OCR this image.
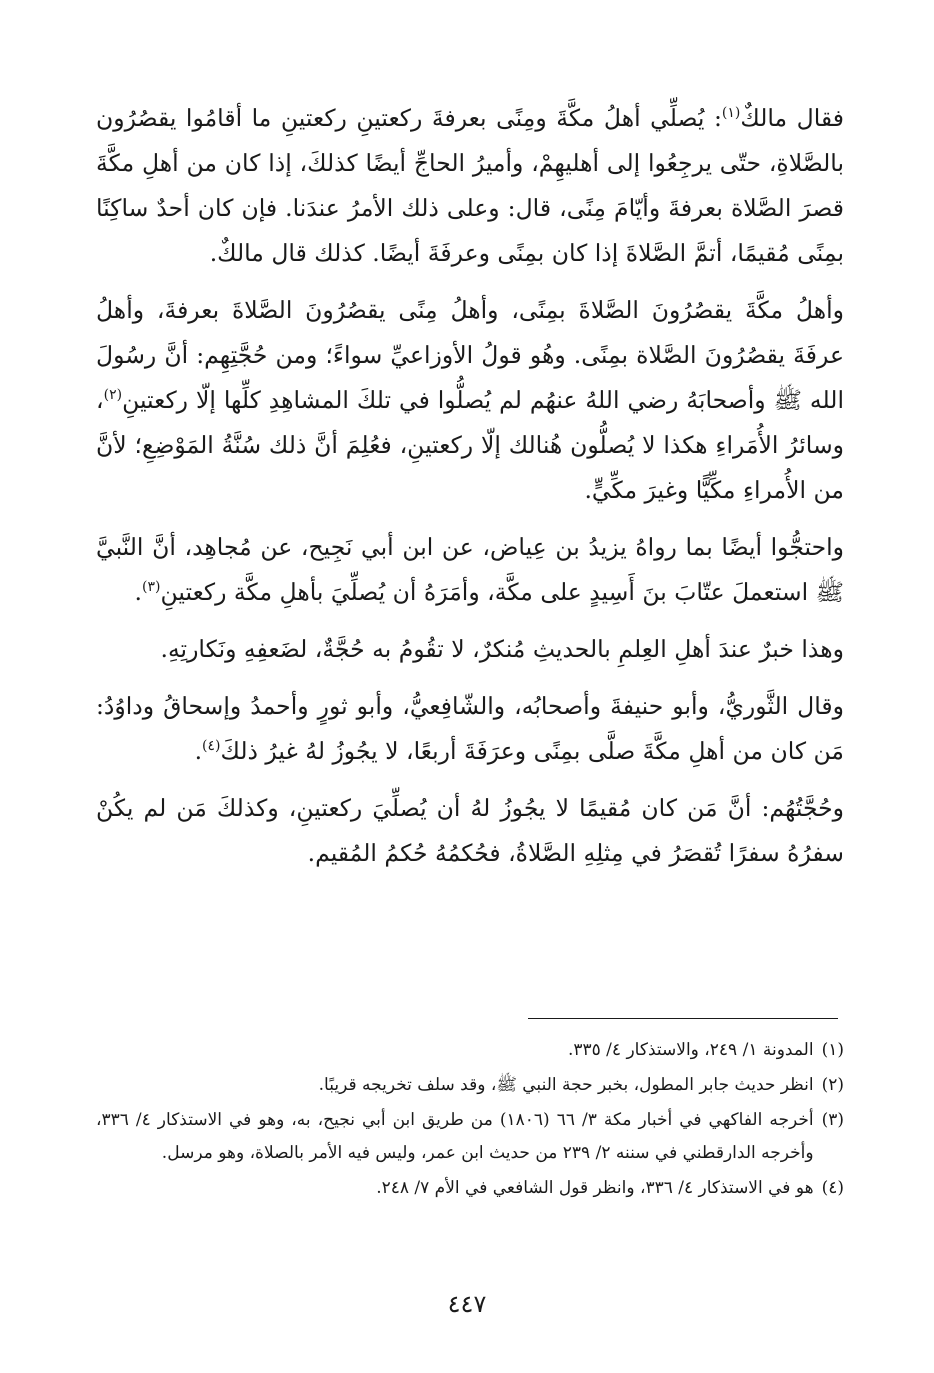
فقال مالكٌ$^{(١)}$: يُصلِّي أهلُ مكَّةَ ومِنًى بعرفةَ ركعتينِ ركعتينِ ما أقامُوا يقصُرُون بالصَّلاةِ، حتّى يرجِعُوا إلى أهليهِمْ، وأميرُ الحاجِّ أيضًا كذلكَ، إذا كان من أهلِ مكَّةَ قصرَ الصَّلاة بعرفةَ وأيّامَ مِنًى، قال: وعلى ذلك الأمرُ عندَنا. فإن كان أحدٌ ساكِنًا بمِنًى مُقيمًا، أتمَّ الصَّلاةَ إذا كان بمِنًى وعرفَةَ أيضًا. كذلك قال مالكٌ.

وأهلُ مكَّةَ يقصُرُونَ الصَّلاةَ بمِنًى، وأهلُ مِنًى يقصُرُونَ الصَّلاةَ بعرفةَ، وأهلُ عرفَةَ يقصُرُونَ الصَّلاة بمِنًى. وهُو قولُ الأوزاعيِّ سواءً؛ ومن حُجَّتِهِم: أنَّ رسُولَ الله ﷺ وأصحابَهُ رضي اللهُ عنهُم لم يُصلُّوا في تلكَ المشاهِدِ كلِّها إلّا ركعتينِ$^{(٢)}$، وسائرُ الأُمَراءِ هكذا لا يُصلُّون هُنالك إلّا ركعتينِ، فعُلِمَ أنَّ ذلك سُنَّةُ المَوْضِعِ؛ لأنَّ من الأُمراءِ مكِّيًّا وغيرَ مكِّيٍّ.

واحتجُّوا أيضًا بما رواهُ يزيدُ بن عِياض، عن ابن أبي نَجِيح، عن مُجاهِد، أنَّ النَّبيَّ ﷺ استعملَ عتّابَ بنَ أَسِيدٍ على مكَّة، وأمَرَهُ أن يُصلِّيَ بأهلِ مكَّة ركعتينِ$^{(٣)}$.

وهذا خبرٌ عندَ أهلِ العِلمِ بالحديثِ مُنكرٌ، لا تقُومُ به حُجَّةٌ، لضَعفِهِ ونَكارتِهِ.

وقال الثَّوريُّ، وأبو حنيفةَ وأصحابُه، والشّافِعيُّ، وأبو ثورٍ وأحمدُ وإسحاقُ وداوُدُ: مَن كان من أهلِ مكَّةَ صلَّى بمِنًى وعرَفَةَ أربعًا، لا يجُوزُ لهُ غيرُ ذلكَ$^{(٤)}$.

وحُجَّتُهُم: أنَّ مَن كان مُقيمًا لا يجُوزُ لهُ أن يُصلِّيَ ركعتينِ، وكذلكَ مَن لم يكُنْ سفرُهُ سفرًا تُقصَرُ في مِثلِهِ الصَّلاةُ، فحُكمُهُ حُكمُ المُقيم.

(١)
المدونة ١/ ٢٤٩، والاستذكار ٤/ ٣٣٥.
(٢)
انظر حديث جابر المطول، بخبر حجة النبي ﷺ، وقد سلف تخريجه قريبًا.
(٣)
أخرجه الفاكهي في أخبار مكة ٣/ ٦٦ (١٨٠٦) من طريق ابن أبي نجيح، به، وهو في الاستذكار ٤/ ٣٣٦، وأخرجه الدارقطني في سننه ٢/ ٢٣٩ من حديث ابن عمر، وليس فيه الأمر بالصلاة، وهو مرسل.
(٤)
هو في الاستذكار ٤/ ٣٣٦، وانظر قول الشافعي في الأم ٧/ ٢٤٨.
٤٤٧
